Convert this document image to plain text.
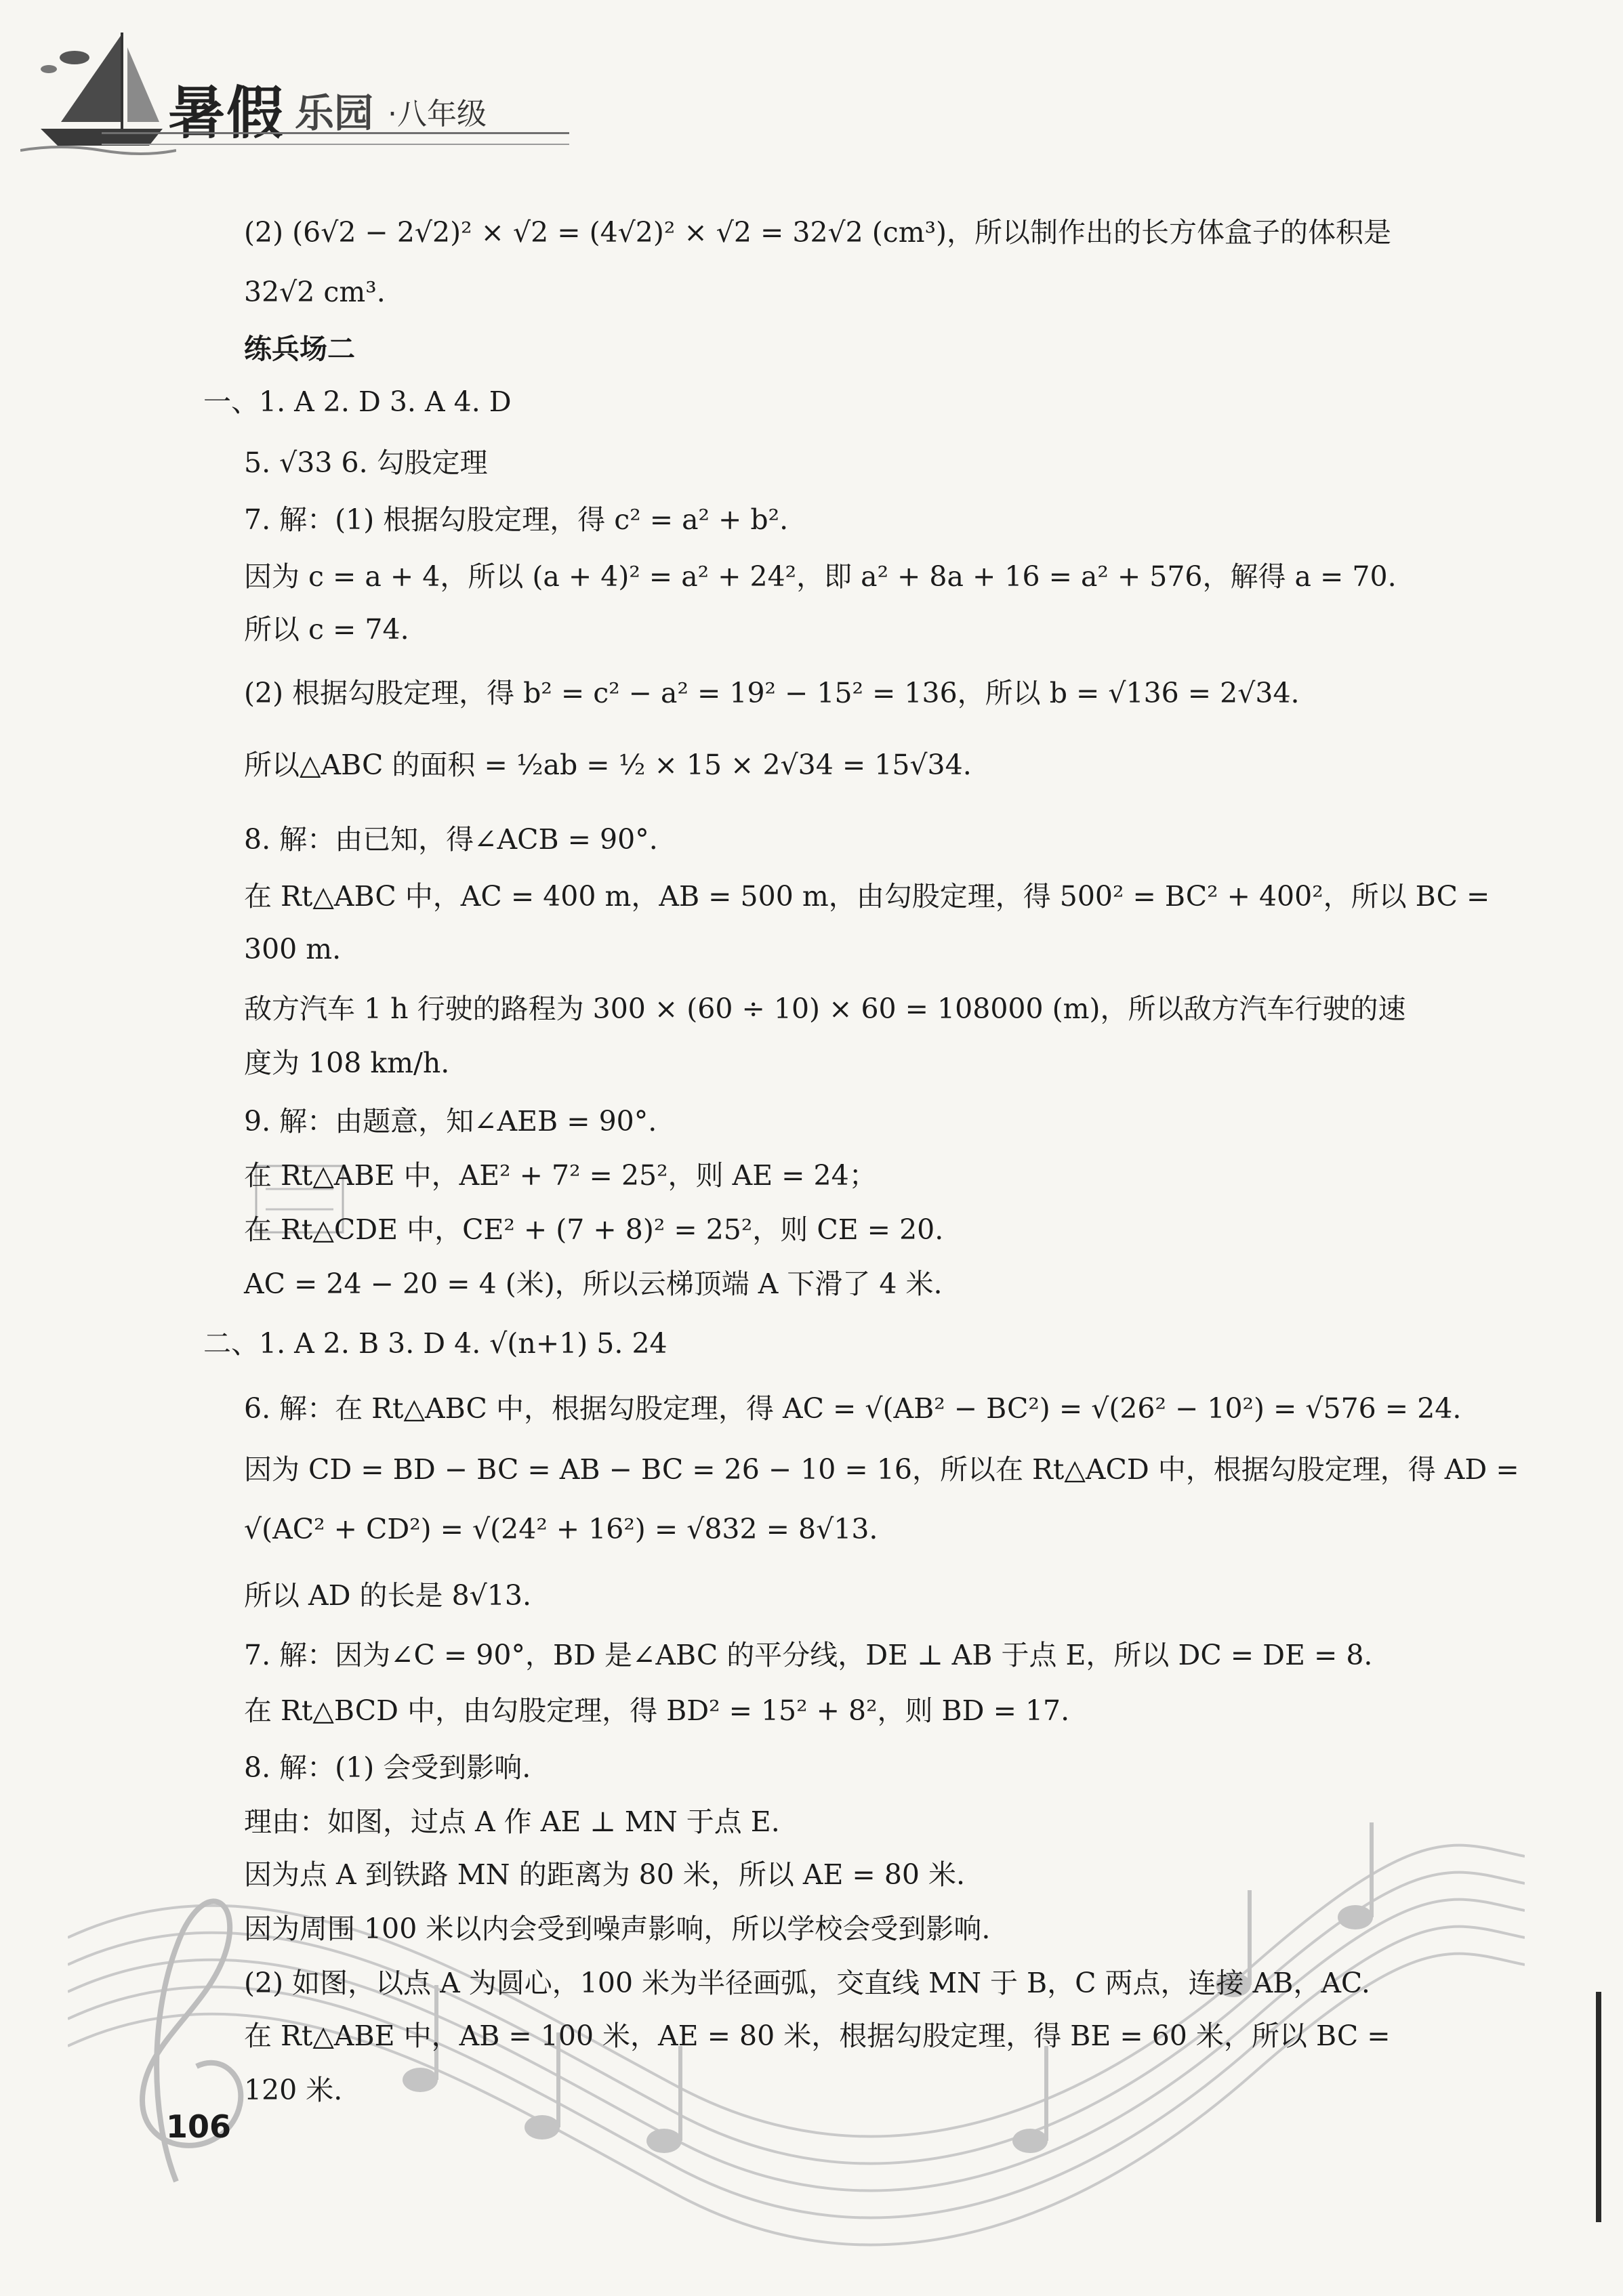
暑假 乐园 ·八年级
(2) (6√2 − 2√2)² × √2 = (4√2)² × √2 = 32√2 (cm³)，所以制作出的长方体盒子的体积是
32√2 cm³.
练兵场二
一、1. A 2. D 3. A 4. D
5. √33 6. 勾股定理
7. 解：(1) 根据勾股定理，得 c² = a² + b².
因为 c = a + 4，所以 (a + 4)² = a² + 24²，即 a² + 8a + 16 = a² + 576，解得 a = 70.
所以 c = 74.
(2) 根据勾股定理，得 b² = c² − a² = 19² − 15² = 136，所以 b = √136 = 2√34.
所以△ABC 的面积 = ½ab = ½ × 15 × 2√34 = 15√34.
8. 解：由已知，得∠ACB = 90°.
在 Rt△ABC 中，AC = 400 m，AB = 500 m，由勾股定理，得 500² = BC² + 400²，所以 BC =
300 m.
敌方汽车 1 h 行驶的路程为 300 × (60 ÷ 10) × 60 = 108000 (m)，所以敌方汽车行驶的速
度为 108 km/h.
9. 解：由题意，知∠AEB = 90°.
在 Rt△ABE 中，AE² + 7² = 25²，则 AE = 24；
在 Rt△CDE 中，CE² + (7 + 8)² = 25²，则 CE = 20.
AC = 24 − 20 = 4 (米)，所以云梯顶端 A 下滑了 4 米.
二、1. A 2. B 3. D 4. √(n+1) 5. 24
6. 解：在 Rt△ABC 中，根据勾股定理，得 AC = √(AB² − BC²) = √(26² − 10²) = √576 = 24.
因为 CD = BD − BC = AB − BC = 26 − 10 = 16，所以在 Rt△ACD 中，根据勾股定理，得 AD =
√(AC² + CD²) = √(24² + 16²) = √832 = 8√13.
所以 AD 的长是 8√13.
7. 解：因为∠C = 90°，BD 是∠ABC 的平分线，DE ⊥ AB 于点 E，所以 DC = DE = 8.
在 Rt△BCD 中，由勾股定理，得 BD² = 15² + 8²，则 BD = 17.
8. 解：(1) 会受到影响.
理由：如图，过点 A 作 AE ⊥ MN 于点 E.
因为点 A 到铁路 MN 的距离为 80 米，所以 AE = 80 米.
因为周围 100 米以内会受到噪声影响，所以学校会受到影响.
(2) 如图，以点 A 为圆心，100 米为半径画弧，交直线 MN 于 B，C 两点，连接 AB，AC.
在 Rt△ABE 中，AB = 100 米，AE = 80 米，根据勾股定理，得 BE = 60 米，所以 BC =
120 米.
106
